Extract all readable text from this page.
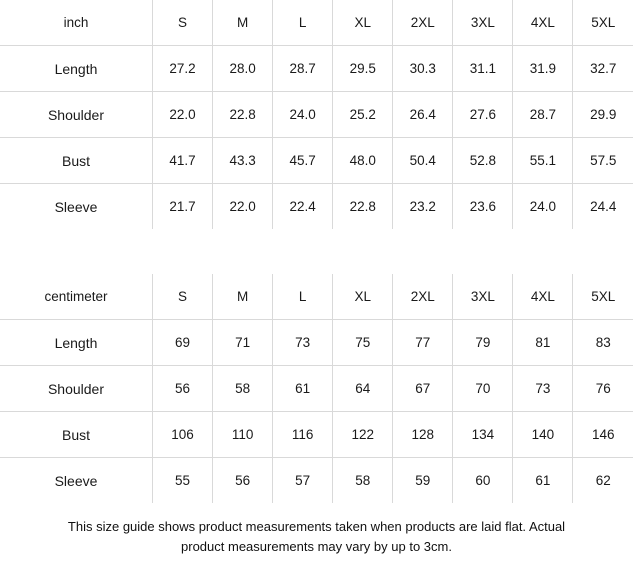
inch	S	M	L	XL	2XL	3XL	4XL	5XL
Length	27.2	28.0	28.7	29.5	30.3	31.1	31.9	32.7
Shoulder	22.0	22.8	24.0	25.2	26.4	27.6	28.7	29.9
Bust	41.7	43.3	45.7	48.0	50.4	52.8	55.1	57.5
Sleeve	21.7	22.0	22.4	22.8	23.2	23.6	24.0	24.4
centimeter	S	M	L	XL	2XL	3XL	4XL	5XL
Length	69	71	73	75	77	79	81	83
Shoulder	56	58	61	64	67	70	73	76
Bust	106	110	116	122	128	134	140	146
Sleeve	55	56	57	58	59	60	61	62
This size guide shows product measurements taken when products are laid flat. Actual
product measurements may vary by up to 3cm.
